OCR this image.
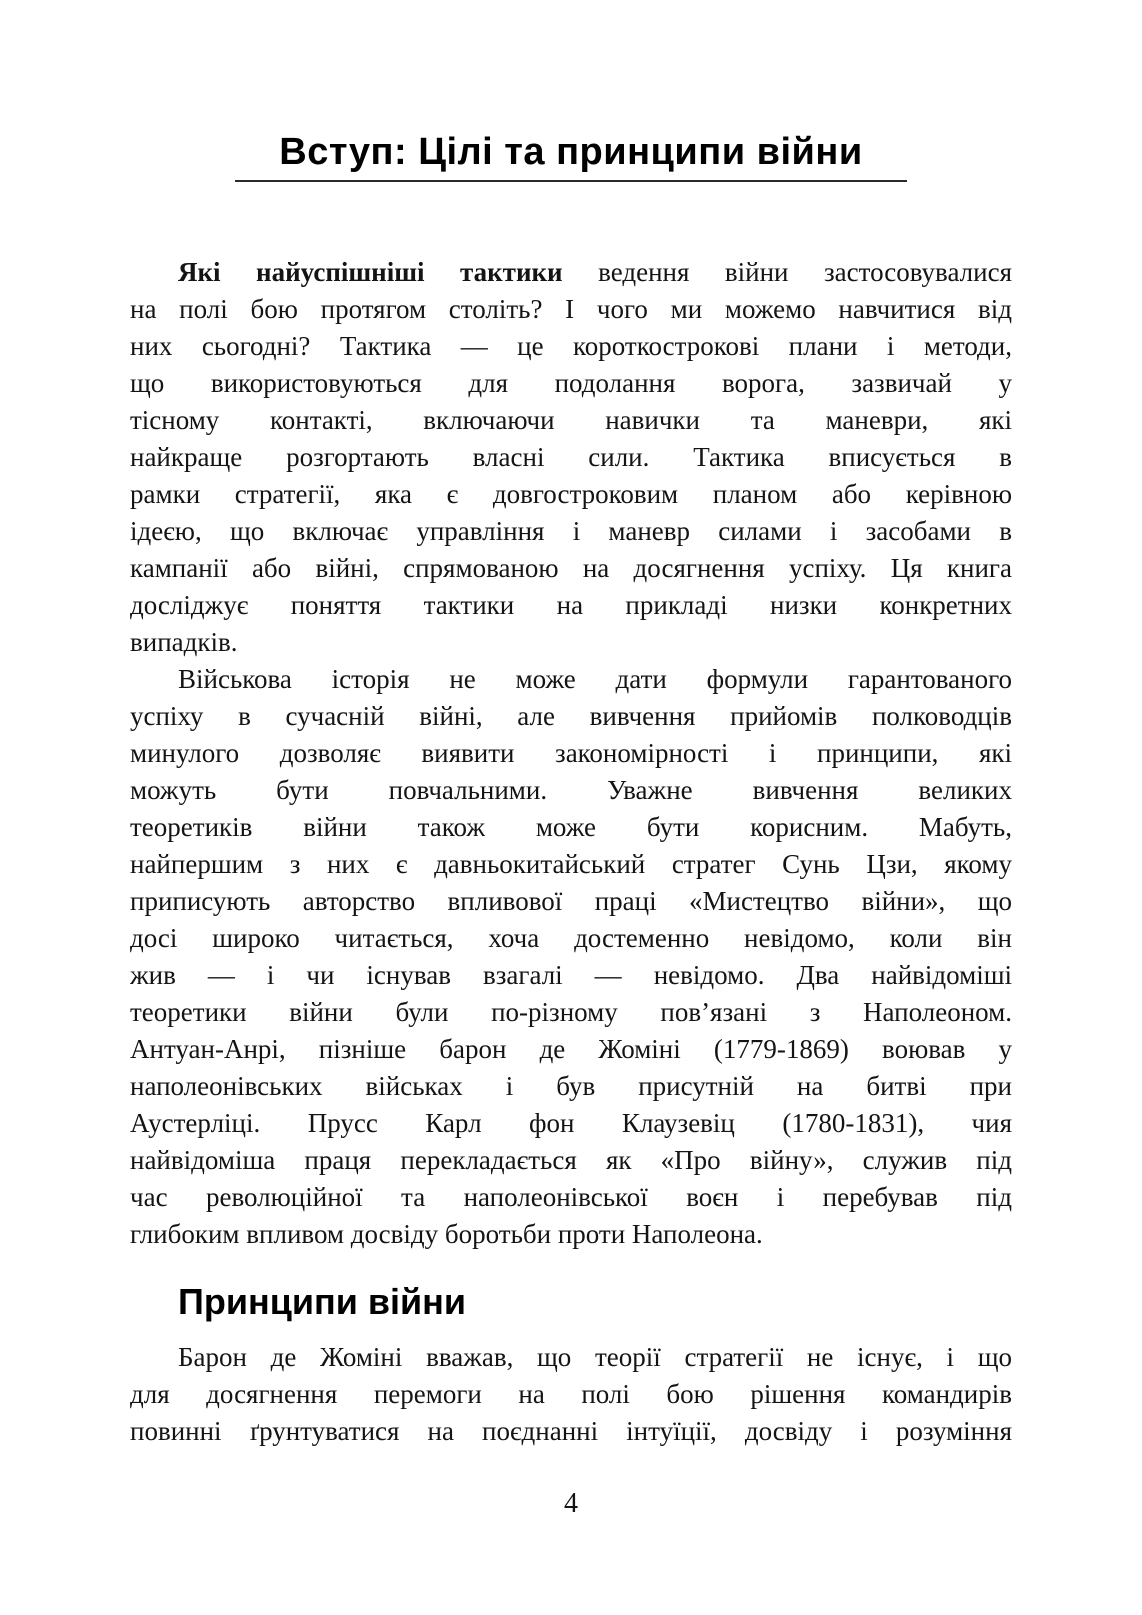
Вступ: Цілі та принципи війни
Які найуспішніші тактики ведення війни застосовувалися
на полі бою протягом століть? І чого ми можемо навчитися від
них сьогодні? Тактика — це короткострокові плани і методи,
що використовуються для подолання ворога, зазвичай у
тісному контакті, включаючи навички та маневри, які
найкраще розгортають власні сили. Тактика вписується в
рамки стратегії, яка є довгостроковим планом або керівною
ідеєю, що включає управління і маневр силами і засобами в
кампанії або війні, спрямованою на досягнення успіху. Ця книга
досліджує поняття тактики на прикладі низки конкретних
випадків.
Військова історія не може дати формули гарантованого
успіху в сучасній війні, але вивчення прийомів полководців
минулого дозволяє виявити закономірності і принципи, які
можуть бути повчальними. Уважне вивчення великих
теоретиків війни також може бути корисним. Мабуть,
найпершим з них є давньокитайський стратег Сунь Цзи, якому
приписують авторство впливової праці «Мистецтво війни», що
досі широко читається, хоча достеменно невідомо, коли він
жив — і чи існував взагалі — невідомо. Два найвідоміші
теоретики війни були по-різному пов’язані з Наполеоном.
Антуан-Анрі, пізніше барон де Жоміні (1779-1869) воював у
наполеонівських військах і був присутній на битві при
Аустерліці. Прусс Карл фон Клаузевіц (1780-1831), чия
найвідоміша праця перекладається як «Про війну», служив під
час революційної та наполеонівської воєн і перебував під
глибоким впливом досвіду боротьби проти Наполеона.
Принципи війни
Барон де Жоміні вважав, що теорії стратегії не існує, і що
для досягнення перемоги на полі бою рішення командирів
повинні ґрунтуватися на поєднанні інтуїції, досвіду і розуміння
4
